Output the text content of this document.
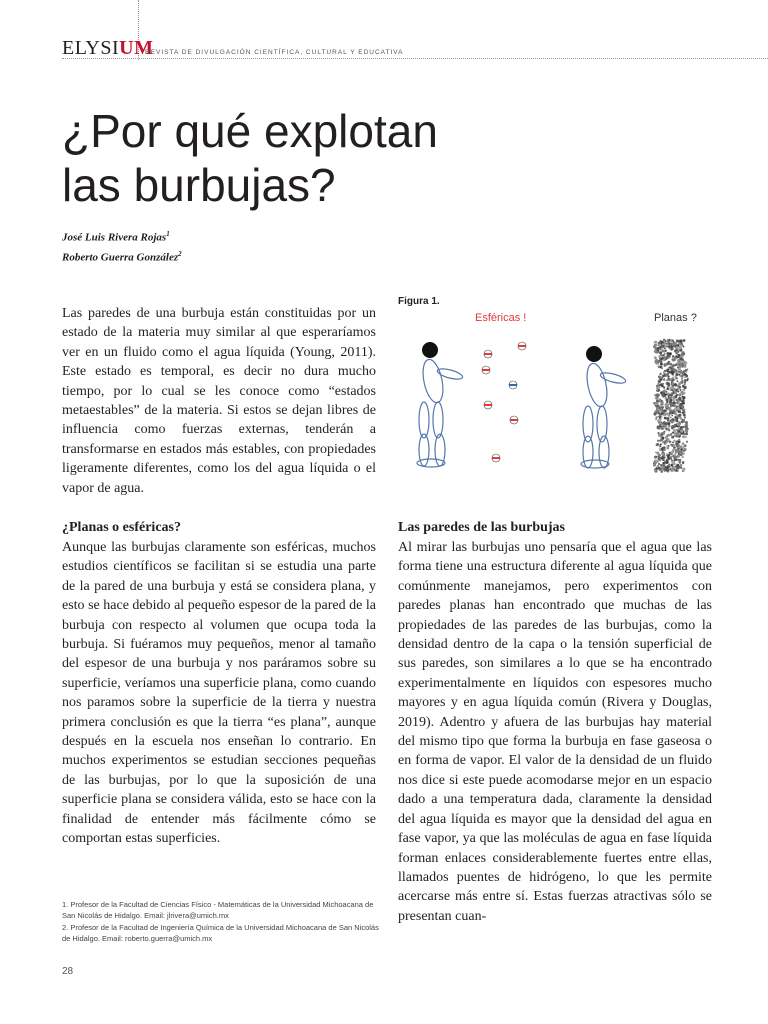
ELYSIUM
REVISTA DE DIVULGACIÓN CIENTÍFICA, CULTURAL Y EDUCATIVA
¿Por qué explotan
las burbujas?
José Luis Rivera Rojas$^1$
Roberto Guerra González$^2$

Las paredes de una burbuja están constituidas por un estado de la materia muy similar al que esperaríamos ver en un fluido como el agua líquida (Young, 2011). Este estado es temporal, es decir no dura mucho tiempo, por lo cual se les conoce como “estados metaestables” de la materia. Si estos se dejan libres de influencia como fuerzas externas, tenderán a transformarse en estados más estables, con propiedades ligeramente diferentes, como los del agua líquida o el vapor de agua.

¿Planas o esféricas?

Aunque las burbujas claramente son esféricas, muchos estudios científicos se facilitan si se estudia una parte de la pared de una burbuja y está se considera plana, y esto se hace debido al pequeño espesor de la pared de la burbuja con respecto al volumen que ocupa toda la burbuja. Si fuéramos muy pequeños, menor al tamaño del espesor de una burbuja y nos paráramos sobre su superficie, veríamos una superficie plana, como cuando nos paramos sobre la superficie de la tierra y nuestra primera conclusión es que la tierra “es plana”, aunque después en la escuela nos enseñan lo contrario. En muchos experimentos se estudian secciones pequeñas de las burbujas, por lo que la suposición de una superficie plana se considera válida, esto se hace con la finalidad de entender más fácilmente cómo se comportan estas superficies.

Figura 1.
Esféricas !	Planas ?
Las paredes de las burbujas

Al mirar las burbujas uno pensaría que el agua que las forma tiene una estructura diferente al agua líquida que comúnmente manejamos, pero experimentos con paredes planas han encontrado que muchas de las propiedades de las paredes de las burbujas, como la densidad dentro de la capa o la tensión superficial de sus paredes, son similares a lo que se ha encontrado experimentalmente en líquidos con espesores mucho mayores y en agua líquida común (Rivera y Douglas, 2019). Adentro y afuera de las burbujas hay material del mismo tipo que forma la burbuja en fase gaseosa o en forma de vapor. El valor de la densidad de un fluido nos dice si este puede acomodarse mejor en un espacio dado a una temperatura dada, claramente la densidad del agua líquida es mayor que la densidad del agua en fase vapor, ya que las moléculas de agua en fase líquida forman enlaces considerablemente fuertes entre ellas, llamados puentes de hidrógeno, lo que les permite acercarse más entre sí. Estas fuerzas atractivas sólo se presentan cuan-

1. Profesor de la Facultad de Ciencias Físico - Matemáticas de la Universidad Michoacana de San Nicolás de Hidalgo. Email: jlrivera@umich.mx

2. Profesor de la Facultad de Ingeniería Química de la Universidad Michoacana de San Nicolás de Hidalgo. Email: roberto.guerra@umich.mx

28
